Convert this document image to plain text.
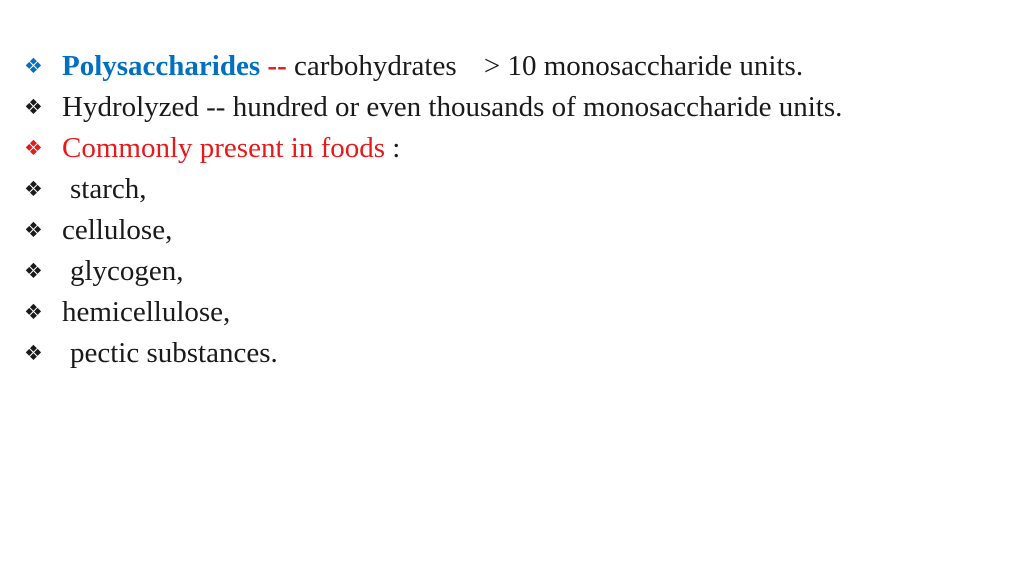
❖ Polysaccharides -- carbohydrates > 10 monosaccharide units.
❖ Hydrolyzed -- hundred or even thousands of monosaccharide units.
❖ Commonly present in foods :
❖ starch,
❖ cellulose,
❖ glycogen,
❖ hemicellulose,
❖ pectic substances.
